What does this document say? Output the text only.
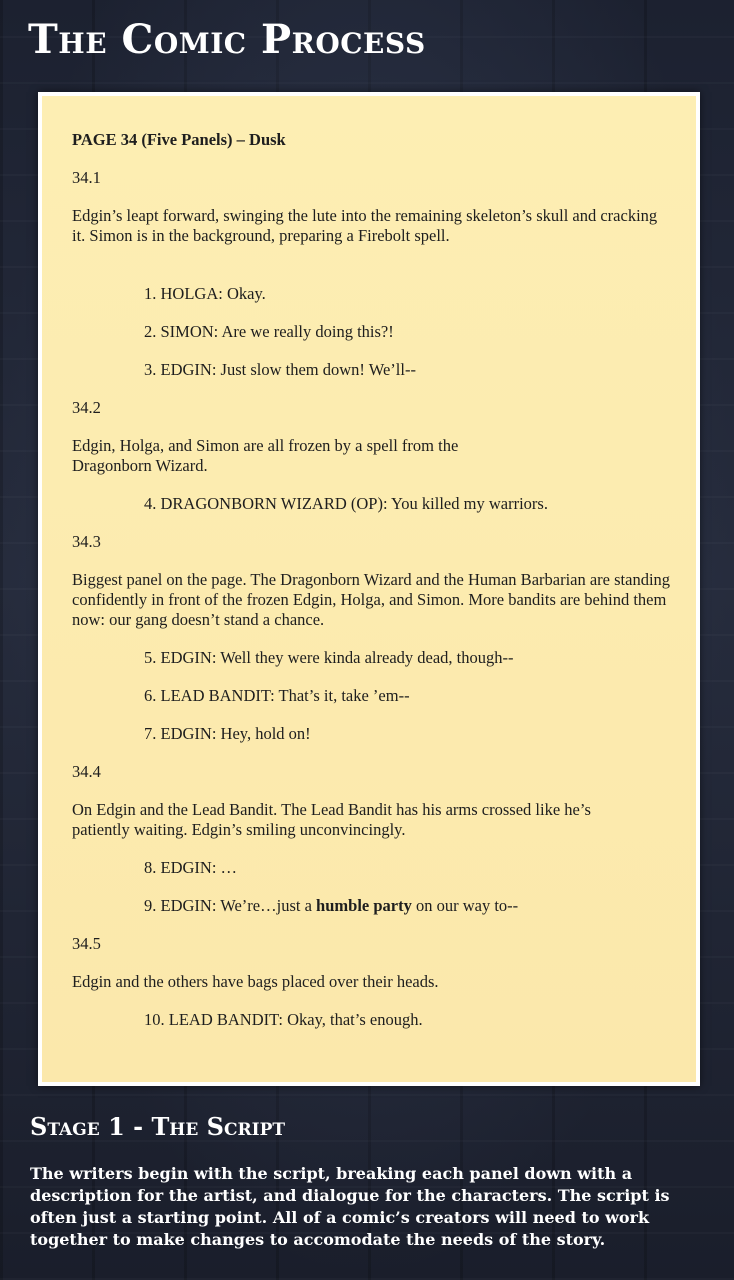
The Comic Process

PAGE 34 (Five Panels) – Dusk

34.1

Edgin’s leapt forward, swinging the lute into the remaining skeleton’s skull and cracking it. Simon is in the background, preparing a Firebolt spell.

1. HOLGA: Okay.

2. SIMON: Are we really doing this?!

3. EDGIN: Just slow them down! We’ll--

34.2

Edgin, Holga, and Simon are all frozen by a spell from the Dragonborn Wizard.

4. DRAGONBORN WIZARD (OP): You killed my warriors.

34.3

Biggest panel on the page. The Dragonborn Wizard and the Human Barbarian are standing confidently in front of the frozen Edgin, Holga, and Simon. More bandits are behind them now: our gang doesn’t stand a chance.

5. EDGIN: Well they were kinda already dead, though--

6. LEAD BANDIT: That’s it, take ’em--

7. EDGIN: Hey, hold on!

34.4

On Edgin and the Lead Bandit. The Lead Bandit has his arms crossed like he’s patiently waiting. Edgin’s smiling unconvincingly.

8. EDGIN: …

9. EDGIN: We’re…just a humble party on our way to--

34.5

Edgin and the others have bags placed over their heads.

10. LEAD BANDIT: Okay, that’s enough.

Stage 1 - The Script

The writers begin with the script, breaking each panel down with a description for the artist, and dialogue for the characters. The script is often just a starting point. All of a comic’s creators will need to work together to make changes to accomodate the needs of the story.
